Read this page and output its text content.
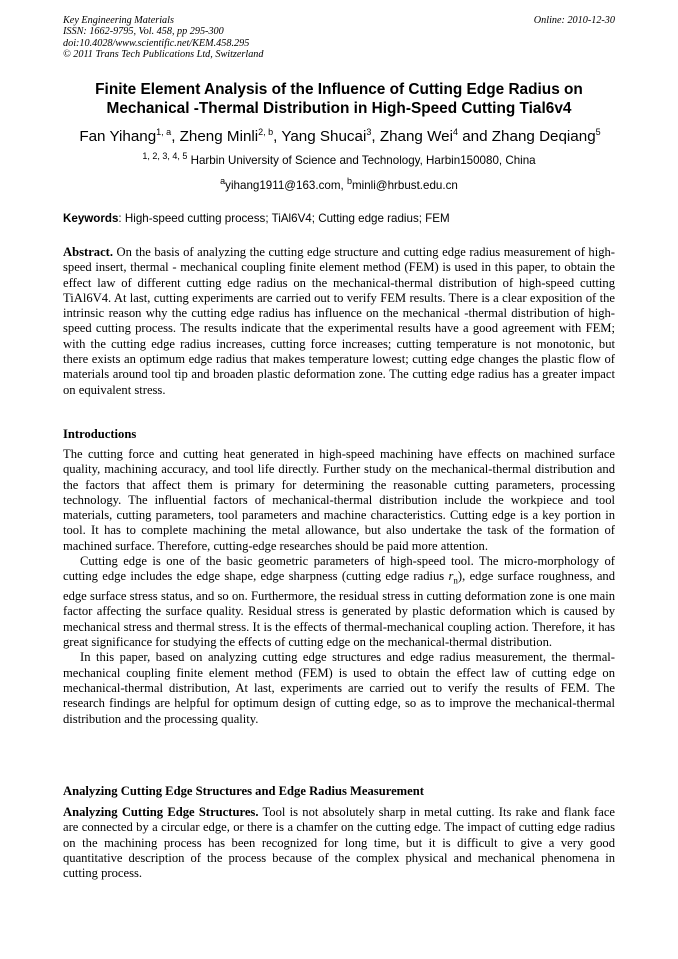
Key Engineering Materials
ISSN: 1662-9795, Vol. 458, pp 295-300
doi:10.4028/www.scientific.net/KEM.458.295
© 2011 Trans Tech Publications Ltd, Switzerland
Online: 2010-12-30
Finite Element Analysis of the Influence of Cutting Edge Radius on
Mechanical -Thermal Distribution in High-Speed Cutting Tial6v4
Fan Yihang$^{1, a}$, Zheng Minli$^{2, b}$, Yang Shucai$^3$, Zhang Wei$^4$ and Zhang Deqiang$^5$
$^{1, 2, 3, 4, 5}$ Harbin University of Science and Technology, Harbin150080, China
$^a$yihang1911@163.com, $^b$minli@hrbust.edu.cn
Keywords: High-speed cutting process; TiAl6V4; Cutting edge radius; FEM

Abstract. On the basis of analyzing the cutting edge structure and cutting edge radius measurement of high-speed insert, thermal - mechanical coupling finite element method (FEM) is used in this paper, to obtain the effect law of different cutting edge radius on the mechanical-thermal distribution of high-speed cutting TiAl6V4. At last, cutting experiments are carried out to verify FEM results. There is a clear exposition of the intrinsic reason why the cutting edge radius has influence on the mechanical -thermal distribution of high-speed cutting process. The results indicate that the experimental results have a good agreement with FEM; with the cutting edge radius increases, cutting force increases; cutting temperature is not monotonic, but there exists an optimum edge radius that makes temperature lowest; cutting edge changes the plastic flow of materials around tool tip and broaden plastic deformation zone. The cutting edge radius has a greater impact on equivalent stress.

Introductions

The cutting force and cutting heat generated in high-speed machining have effects on machined surface quality, machining accuracy, and tool life directly. Further study on the mechanical-thermal distribution and the factors that affect them is primary for determining the reasonable cutting parameters, processing technology. The influential factors of mechanical-thermal distribution include the workpiece and tool materials, cutting parameters, tool parameters and machine characteristics. Cutting edge is a key portion in tool. It has to complete machining the metal allowance, but also undertake the task of the formation of machined surface. Therefore, cutting-edge researches should be paid more attention.

Cutting edge is one of the basic geometric parameters of high-speed tool. The micro-morphology of cutting edge includes the edge shape, edge sharpness (cutting edge radius $r_n$), edge surface roughness, and edge surface stress status, and so on. Furthermore, the residual stress in cutting deformation zone is one main factor affecting the surface quality. Residual stress is generated by plastic deformation which is caused by mechanical stress and thermal stress. It is the effects of thermal-mechanical coupling action. Therefore, it has great significance for studying the effects of cutting edge on the mechanical-thermal distribution.

In this paper, based on analyzing cutting edge structures and edge radius measurement, the thermal-mechanical coupling finite element method (FEM) is used to obtain the effect law of cutting edge on mechanical-thermal distribution, At last, experiments are carried out to verify the results of FEM. The research findings are helpful for optimum design of cutting edge, so as to improve the mechanical-thermal distribution and the processing quality.

Analyzing Cutting Edge Structures and Edge Radius Measurement

Analyzing Cutting Edge Structures. Tool is not absolutely sharp in metal cutting. Its rake and flank face are connected by a circular edge, or there is a chamfer on the cutting edge. The impact of cutting edge radius on the machining process has been recognized for long time, but it is difficult to give a very good quantitative description of the process because of the complex physical and mechanical phenomena in cutting process.
